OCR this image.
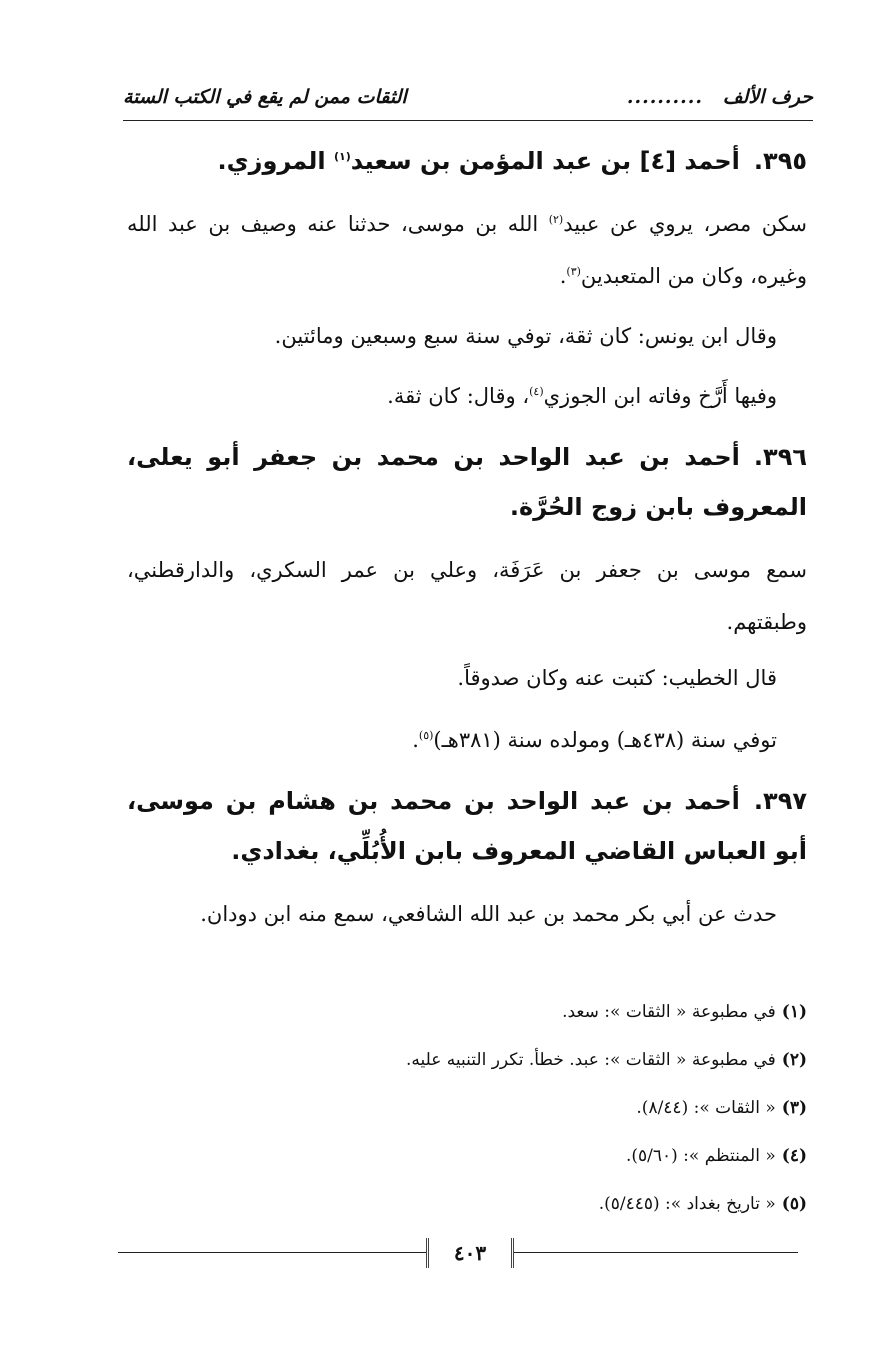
حرف الألف
..........
الثقات ممن لم يقع في الكتب الستة
٣٩٥.أحمد [٤] بن عبد المؤمن بن سعيد$^{(١)}$ المروزي.
سكن مصر، يروي عن عبيد$^{(٢)}$ الله بن موسى، حدثنا عنه وصيف بن عبد الله وغيره، وكان من المتعبدين$^{(٣)}$.
وقال ابن يونس: كان ثقة، توفي سنة سبع وسبعين ومائتين.
وفيها أَرَّخ وفاته ابن الجوزي$^{(٤)}$، وقال: كان ثقة.
٣٩٦.أحمد بن عبد الواحد بن محمد بن جعفر أبو يعلى، المعروف بابن زوج الحُرَّة.
سمع موسى بن جعفر بن عَرَفَة، وعلي بن عمر السكري، والدارقطني، وطبقتهم.
قال الخطيب: كتبت عنه وكان صدوقاً.
توفي سنة (٤٣٨هـ) ومولده سنة (٣٨١هـ)$^{(٥)}$.
٣٩٧.أحمد بن عبد الواحد بن محمد بن هشام بن موسى، أبو العباس القاضي المعروف بابن الأُبُلِّي، بغدادي.
حدث عن أبي بكر محمد بن عبد الله الشافعي، سمع منه ابن دودان.
(١)في مطبوعة « الثقات »: سعد.
(٢)في مطبوعة « الثقات »: عبد. خطأ. تكرر التنبيه عليه.
(٣)« الثقات »: (٨/٤٤).
(٤)« المنتظم »: (٥/٦٠).
(٥)« تاريخ بغداد »: (٥/٤٤٥).
٤٠٣
